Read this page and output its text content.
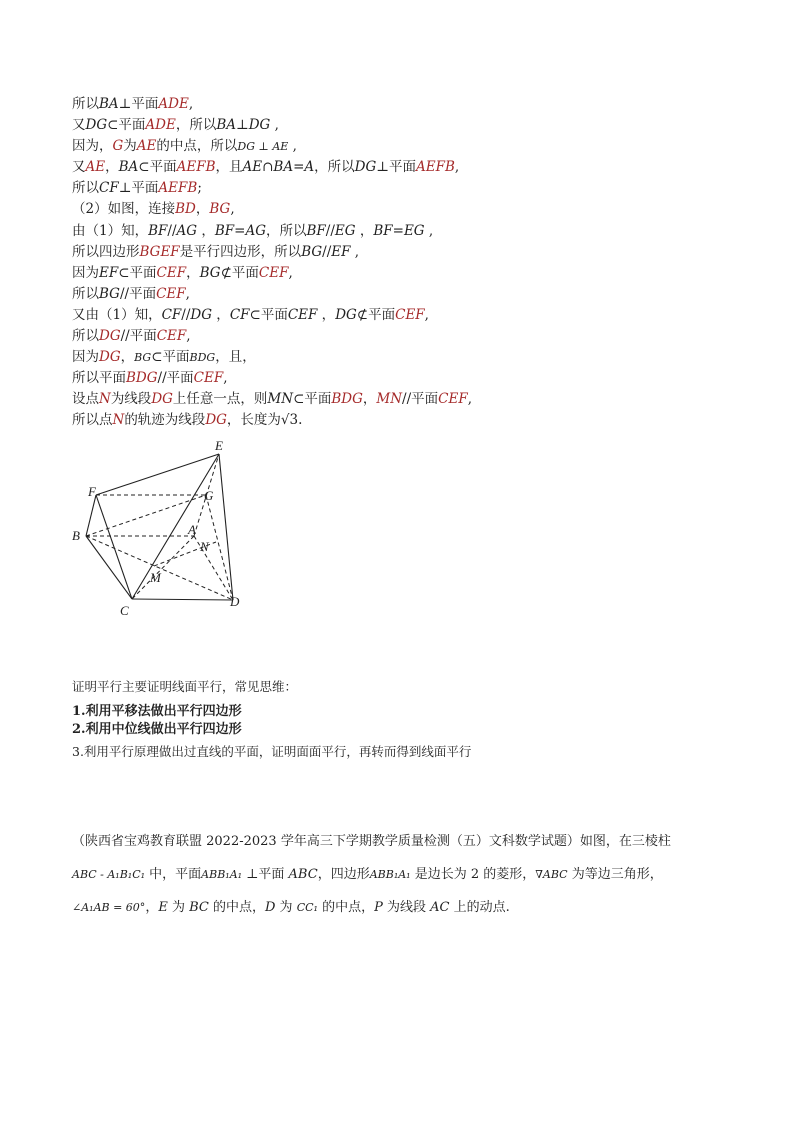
所以BA⊥平面ADE,
又DG⊂平面ADE，所以BA⊥DG ,
因为，G为AE的中点，所以DG ⊥ AE ,
又AE，BA⊂平面AEFB，且AE∩BA=A，所以DG⊥平面AEFB,
所以CF⊥平面AEFB;
（2）如图，连接BD，BG,
由（1）知，BF//AG ，BF=AG，所以BF//EG ，BF=EG ,
所以四边形BGEF是平行四边形，所以BG//EF ,
因为EF⊂平面CEF，BG⊄平面CEF,
所以BG//平面CEF,
又由（1）知，CF//DG ，CF⊂平面CEF ，DG⊄平面CEF,
所以DG//平面CEF,
因为DG，BG⊂平面BDG，且，
所以平面BDG//平面CEF,
设点N为线段DG上任意一点，则MN⊂平面BDG，MN//平面CEF,
所以点N的轨迹为线段DG，长度为√3.
E
F	G
B	A
N
M
C
D
证明平行主要证明线面平行，常见思维：
1.利用平移法做出平行四边形
2.利用中位线做出平行四边形
3.利用平行原理做出过直线的平面，证明面面平行，再转而得到线面平行
（陕西省宝鸡教育联盟 2022-2023 学年高三下学期教学质量检测（五）文科数学试题）如图，在三棱柱
ABC - A₁B₁C₁ 中，平面ABB₁A₁ ⊥平面 ABC，四边形ABB₁A₁ 是边长为 2 的菱形，∇ABC 为等边三角形，
∠A₁AB = 60°，E 为 BC 的中点，D 为 CC₁ 的中点，P 为线段 AC 上的动点.
